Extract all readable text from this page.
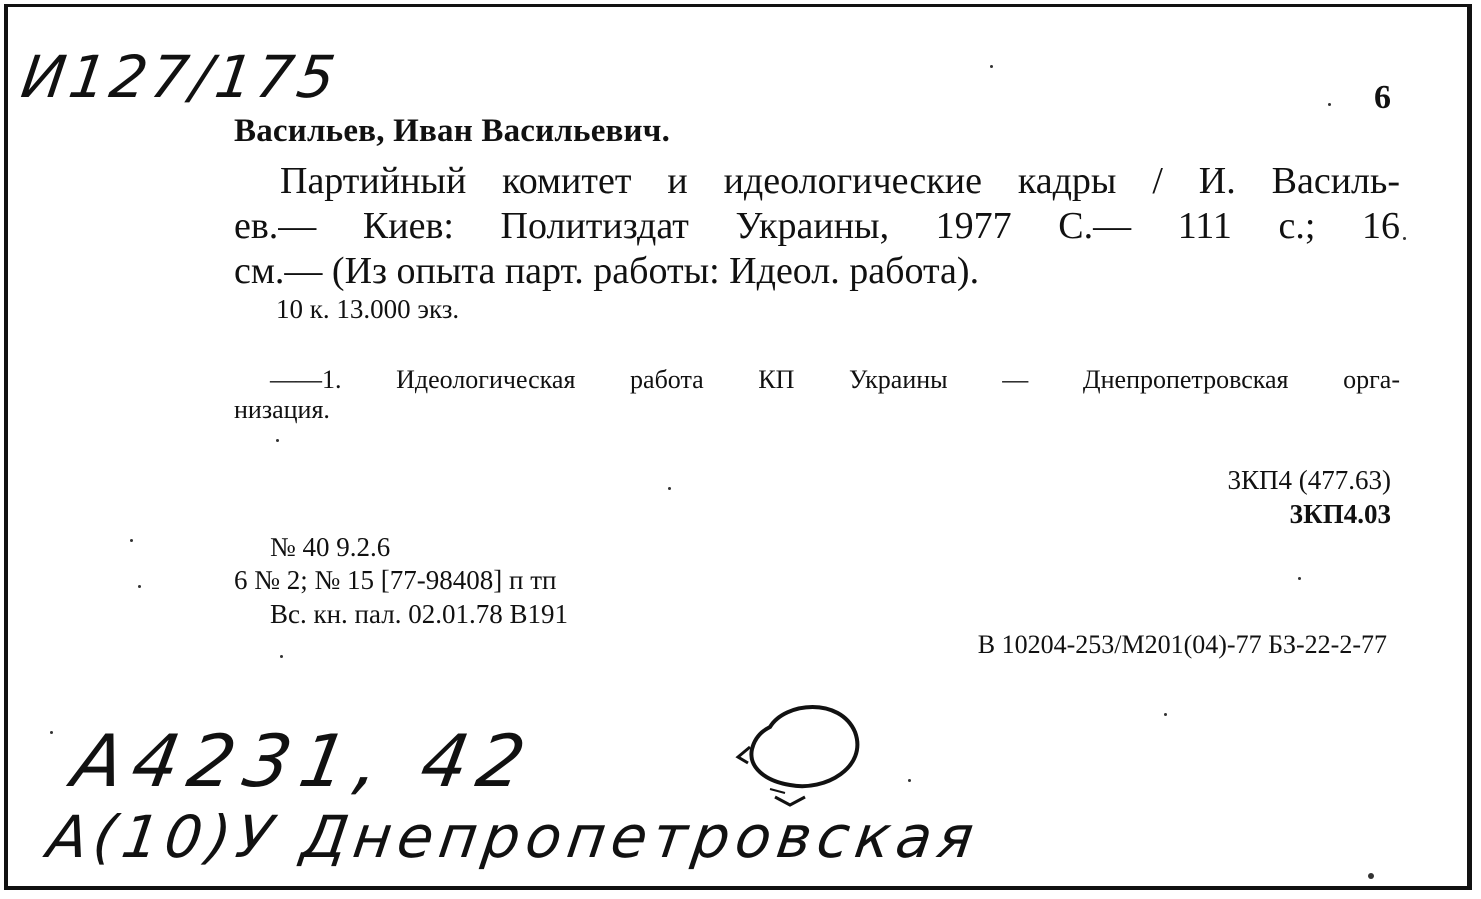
И127/175	6
Васильев, Иван Васильевич.
Партийный комитет и идеологические кадры / И. Василь-
ев.— Киев: Политиздат Украины, 1977 С.— 111 с.; 16
см.— (Из опыта парт. работы: Идеол. работа).
10 к. 13.000 экз.
——1. Идеологическая работа КП Украины — Днепропетровская орга-
низация.
3КП4 (477.63)
3КП4.03
№ 40 9.2.6
6 № 2; № 15 [77-98408] п тп
Вс. кн. пал. 02.01.78 В191
В 10204-253/М201(04)-77 БЗ-22-2-77
А4231, 42
А(10)У Днепропетровская
